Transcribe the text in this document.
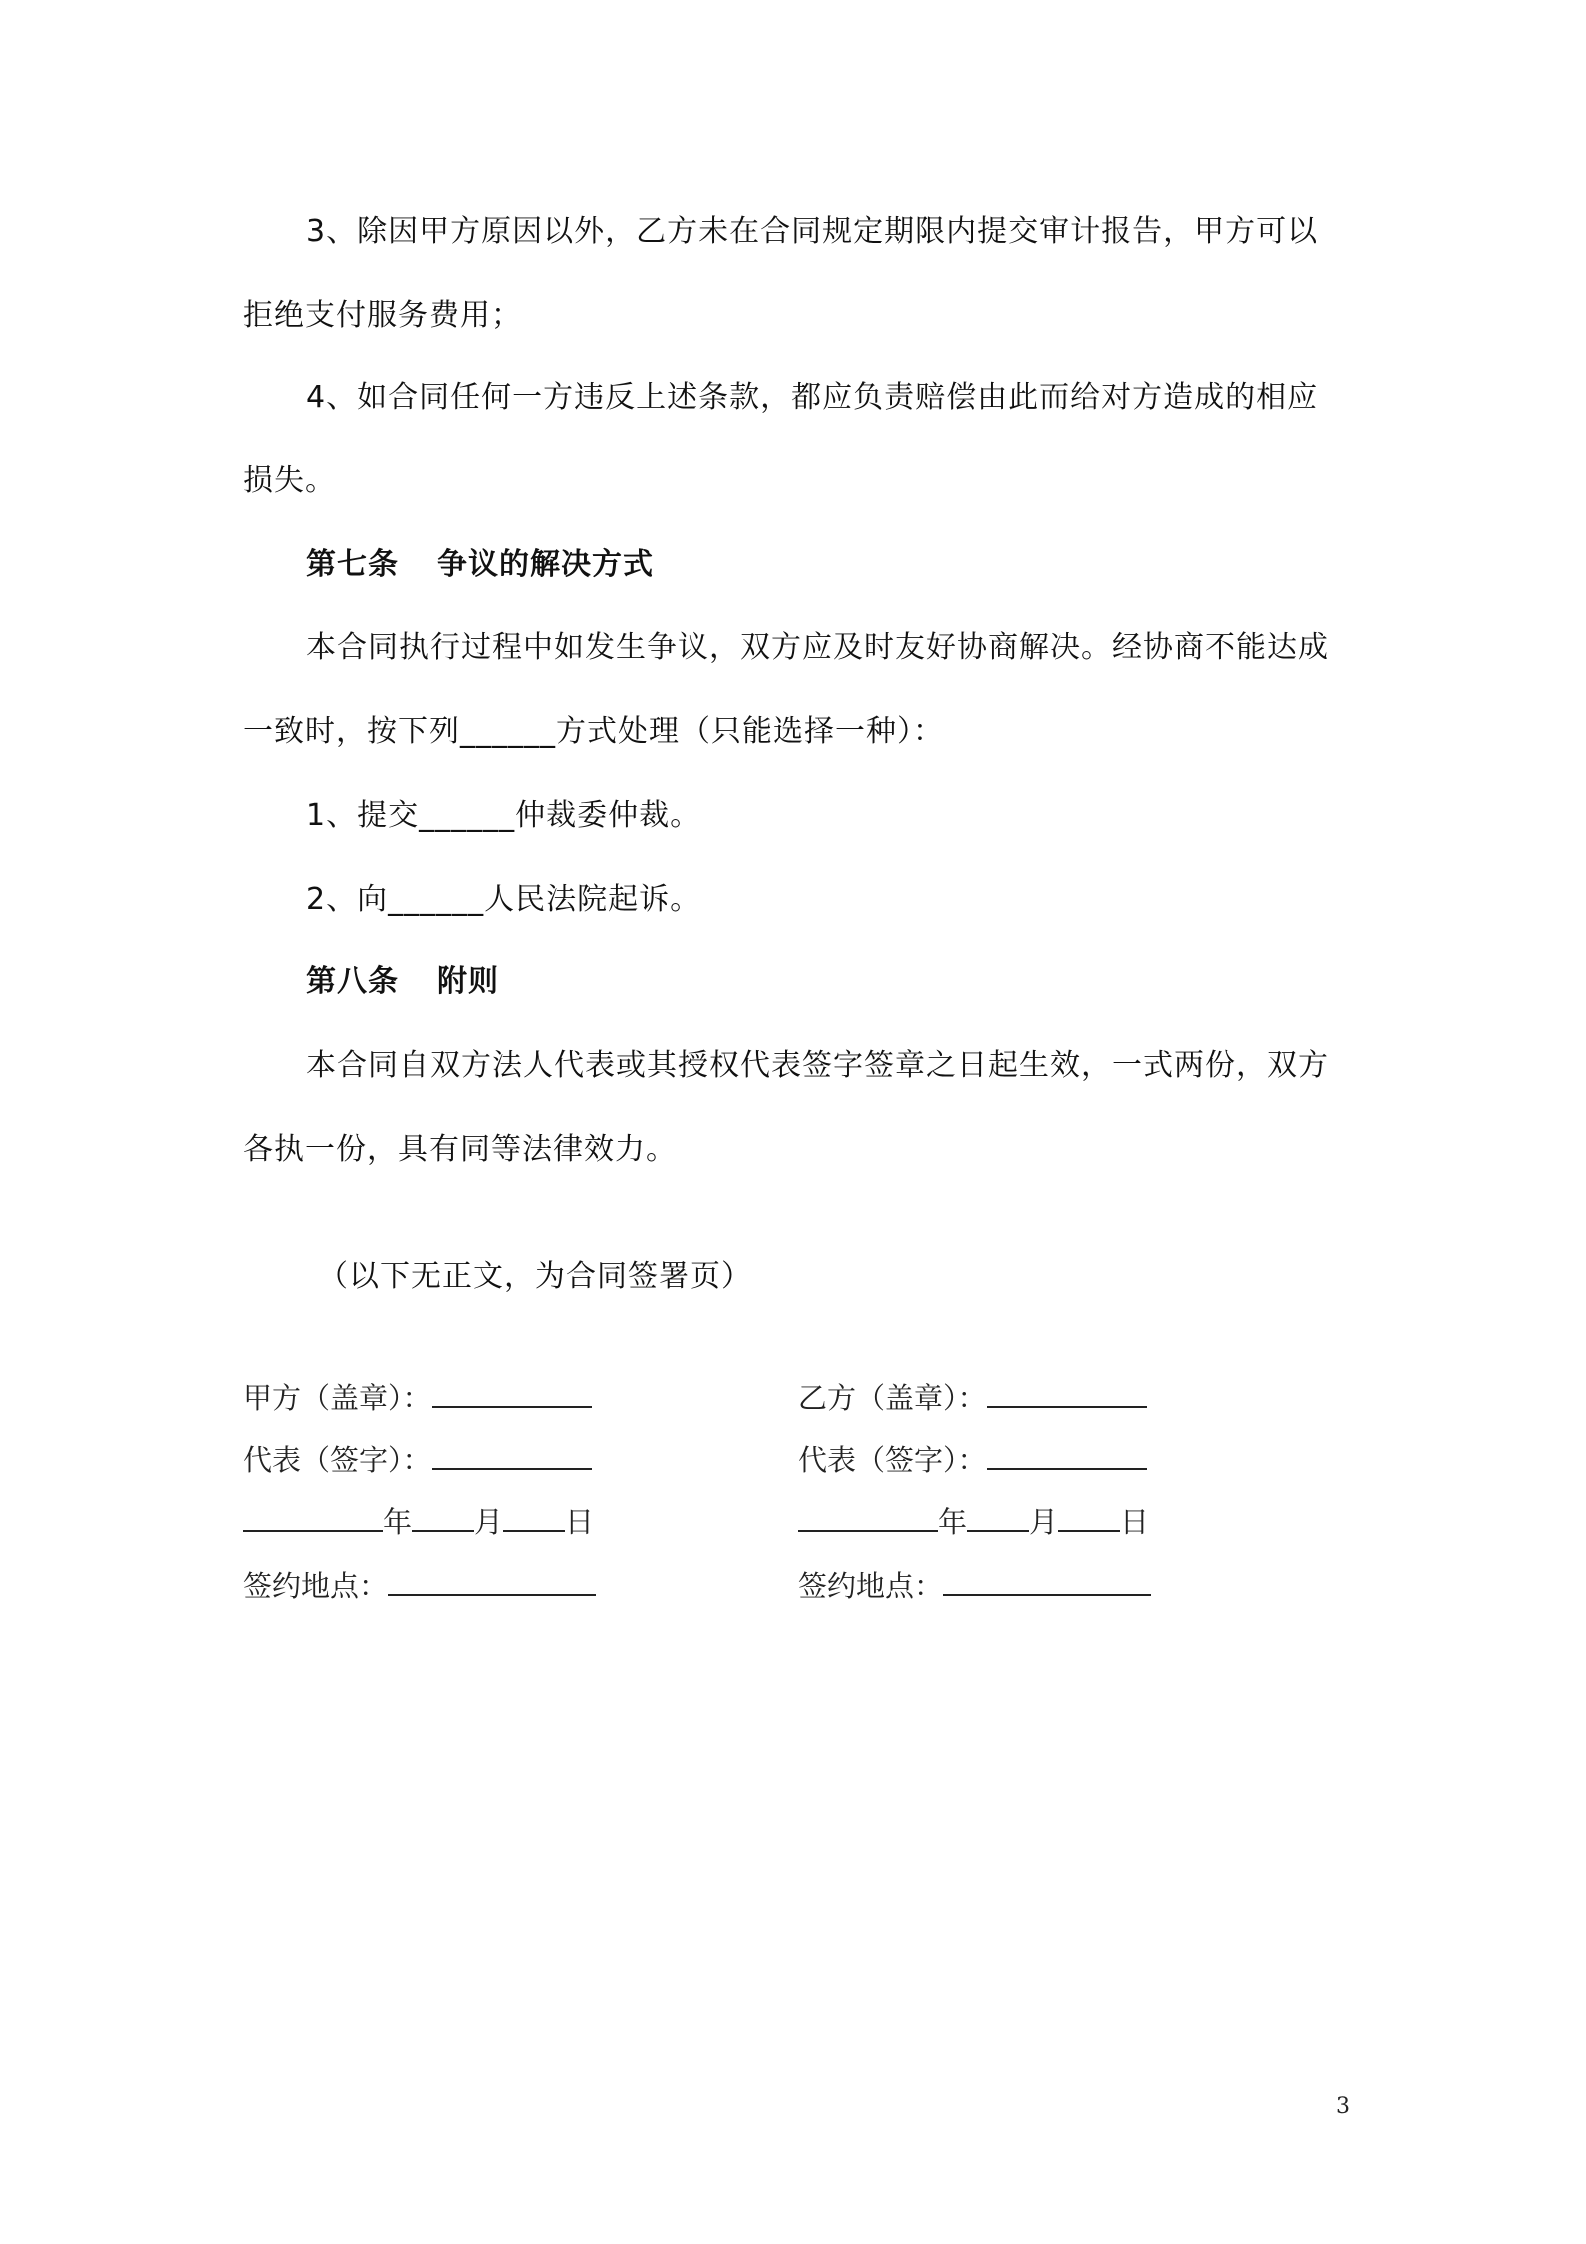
3、除因甲方原因以外，乙方未在合同规定期限内提交审计报告，甲方可以
拒绝支付服务费用；
4、如合同任何一方违反上述条款，都应负责赔偿由此而给对方造成的相应
损失。
第七条 争议的解决方式
本合同执行过程中如发生争议，双方应及时友好协商解决。经协商不能达成
一致时，按下列______方式处理（只能选择一种）：
1、提交______仲裁委仲裁。
2、向______人民法院起诉。
第八条 附则
本合同自双方法人代表或其授权代表签字签章之日起生效，一式两份，双方
各执一份，具有同等法律效力。
（以下无正文，为合同签署页）
甲方（盖章）：
代表（签字）：
年 月 日
签约地点：
乙方（盖章）：
代表（签字）：
年 月 日
签约地点：
3
